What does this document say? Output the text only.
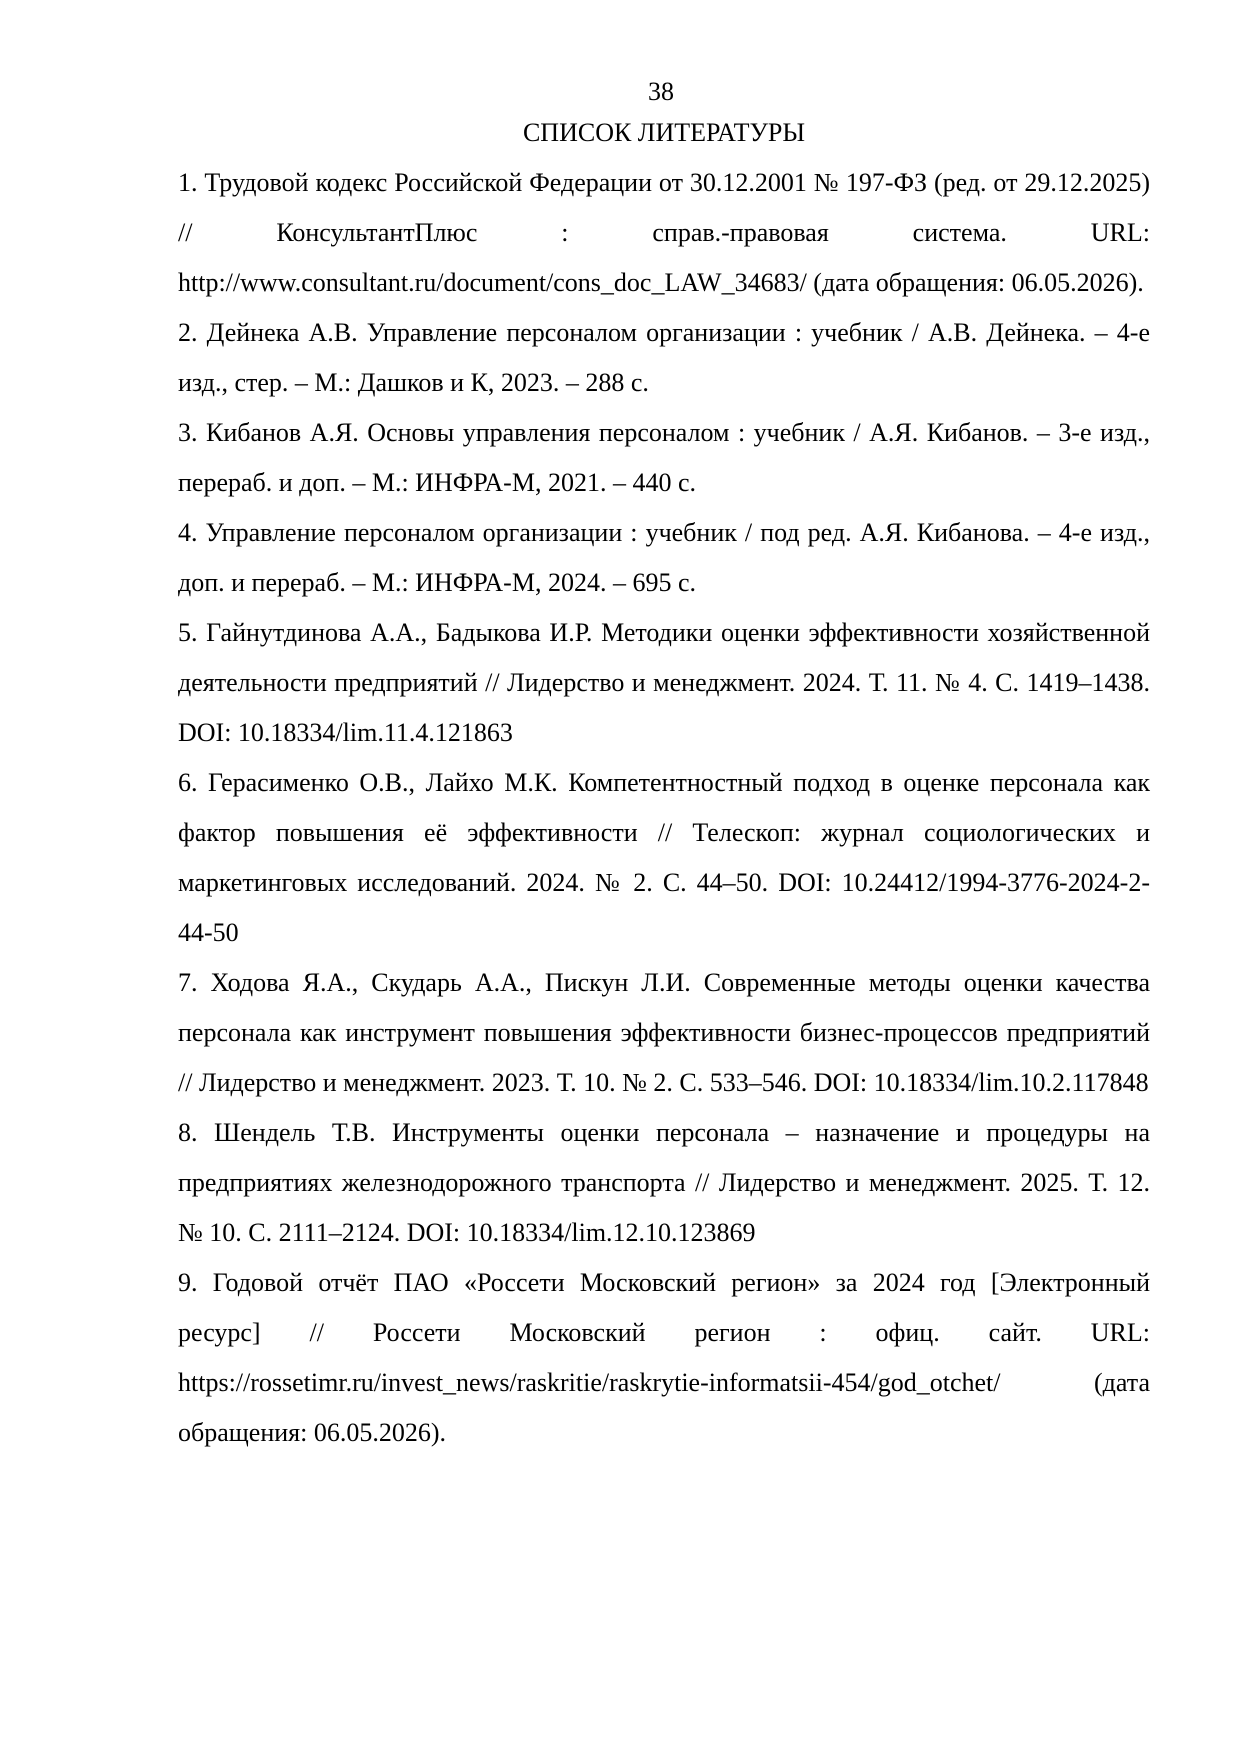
38
СПИСОК ЛИТЕРАТУРЫ

1. Трудовой кодекс Российской Федерации от 30.12.2001 № 197-ФЗ (ред. от 29.12.2025) // КонсультантПлюс : справ.-правовая система. URL: http://www.consultant.ru/document/cons_doc_LAW_34683/ (дата обращения: 06.05.2026).

2. Дейнека А.В. Управление персоналом организации : учебник / А.В. Дейнека. – 4-е изд., стер. – М.: Дашков и К, 2023. – 288 с.

3. Кибанов А.Я. Основы управления персоналом : учебник / А.Я. Кибанов. – 3-е изд., перераб. и доп. – М.: ИНФРА-М, 2021. – 440 с.

4. Управление персоналом организации : учебник / под ред. А.Я. Кибанова. – 4-е изд., доп. и перераб. – М.: ИНФРА-М, 2024. – 695 с.

5. Гайнутдинова А.А., Бадыкова И.Р. Методики оценки эффективности хозяйственной деятельности предприятий // Лидерство и менеджмент. 2024. Т. 11. № 4. С. 1419–1438. DOI: 10.18334/lim.11.4.121863

6. Герасименко О.В., Лайхо М.К. Компетентностный подход в оценке персонала как фактор повышения её эффективности // Телескоп: журнал социологических и маркетинговых исследований. 2024. № 2. С. 44–50. DOI: 10.24412/1994-3776-2024-2-44-50

7. Ходова Я.А., Скударь А.А., Пискун Л.И. Современные методы оценки качества персонала как инструмент повышения эффективности бизнес-процессов предприятий // Лидерство и менеджмент. 2023. Т. 10. № 2. С. 533–546. DOI: 10.18334/lim.10.2.117848

8. Шендель Т.В. Инструменты оценки персонала – назначение и процедуры на предприятиях железнодорожного транспорта // Лидерство и менеджмент. 2025. Т. 12. № 10. С. 2111–2124. DOI: 10.18334/lim.12.10.123869

9. Годовой отчёт ПАО «Россети Московский регион» за 2024 год [Электронный ресурс] // Россети Московский регион : офиц. сайт. URL: https://rossetimr.ru/invest_news/raskritie/raskrytie-informatsii-454/god_otchet/ (дата обращения: 06.05.2026).
